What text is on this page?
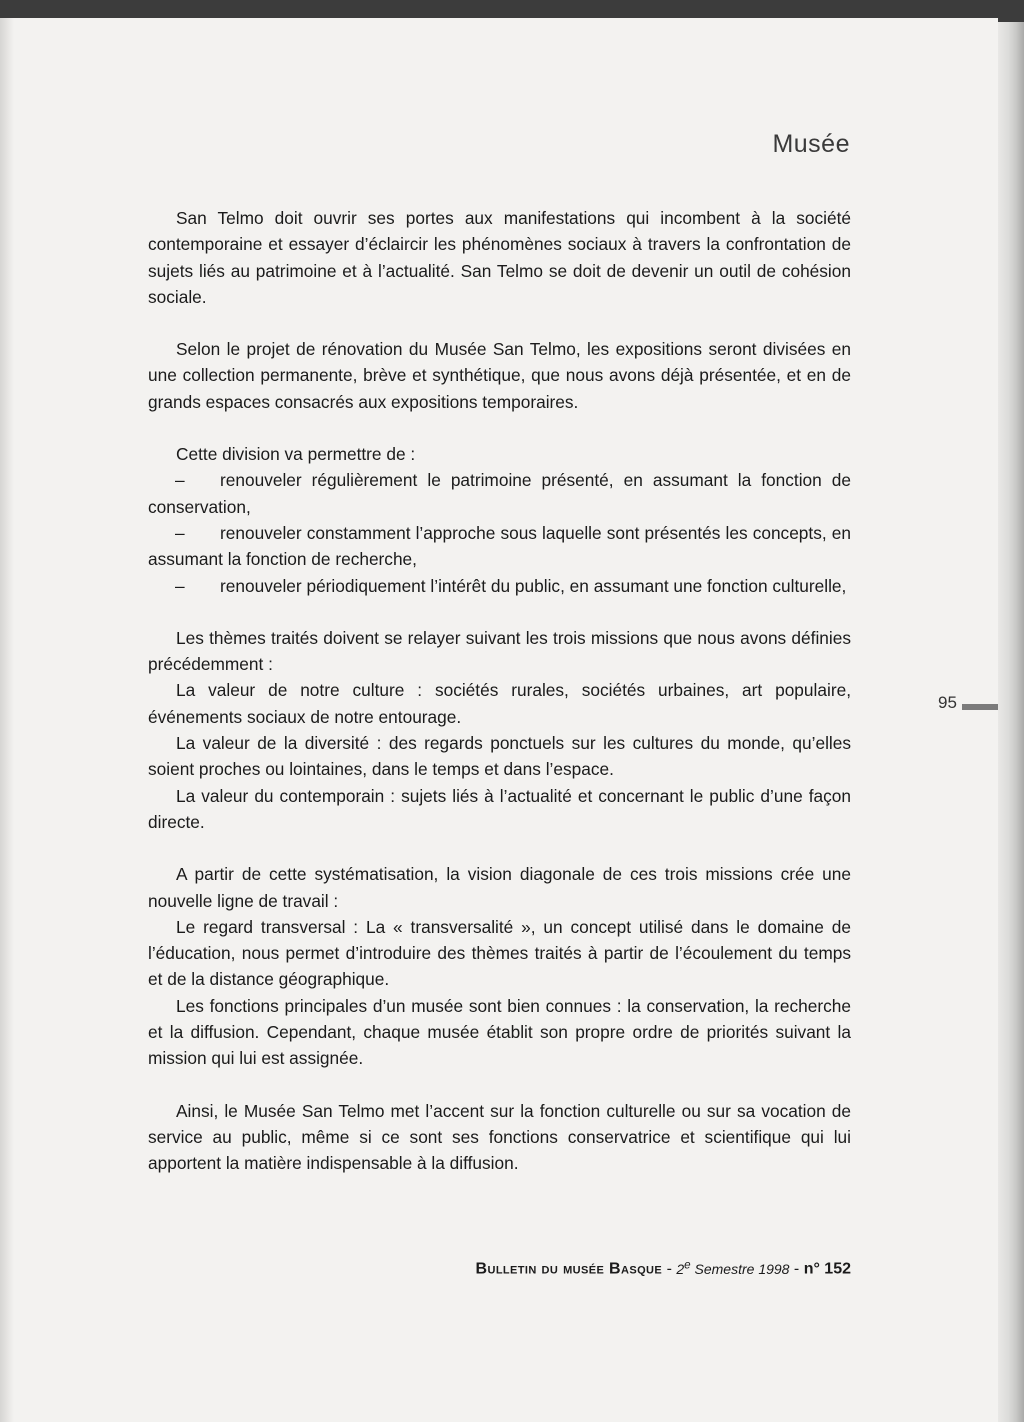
Musée
95

San Telmo doit ouvrir ses portes aux manifestations qui incombent à la société contemporaine et essayer d’éclaircir les phénomènes sociaux à travers la confrontation de sujets liés au patrimoine et à l’actualité. San Telmo se doit de devenir un outil de cohésion sociale.

Selon le projet de rénovation du Musée San Telmo, les expositions seront divisées en une collection permanente, brève et synthétique, que nous avons déjà présentée, et en de grands espaces consacrés aux expositions temporaires.

Cette division va permettre de :

– renouveler régulièrement le patrimoine présenté, en assumant la fonction de conservation,

– renouveler constamment l’approche sous laquelle sont présentés les concepts, en assumant la fonction de recherche,

– renouveler périodiquement l’intérêt du public, en assumant une fonction culturelle,

Les thèmes traités doivent se relayer suivant les trois missions que nous avons définies précédemment :

La valeur de notre culture : sociétés rurales, sociétés urbaines, art populaire, événements sociaux de notre entourage.

La valeur de la diversité : des regards ponctuels sur les cultures du monde, qu’elles soient proches ou lointaines, dans le temps et dans l’espace.

La valeur du contemporain : sujets liés à l’actualité et concernant le public d’une façon directe.

A partir de cette systématisation, la vision diagonale de ces trois missions crée une nouvelle ligne de travail :

Le regard transversal : La « transversalité », un concept utilisé dans le domaine de l’éducation, nous permet d’introduire des thèmes traités à partir de l’écoulement du temps et de la distance géographique.

Les fonctions principales d’un musée sont bien connues : la conservation, la recherche et la diffusion. Cependant, chaque musée établit son propre ordre de priorités suivant la mission qui lui est assignée.

Ainsi, le Musée San Telmo met l’accent sur la fonction culturelle ou sur sa vocation de service au public, même si ce sont ses fonctions conservatrice et scientifique qui lui apportent la matière indispensable à la diffusion.

Bulletin du musée Basque - 2e Semestre 1998 - n° 152
